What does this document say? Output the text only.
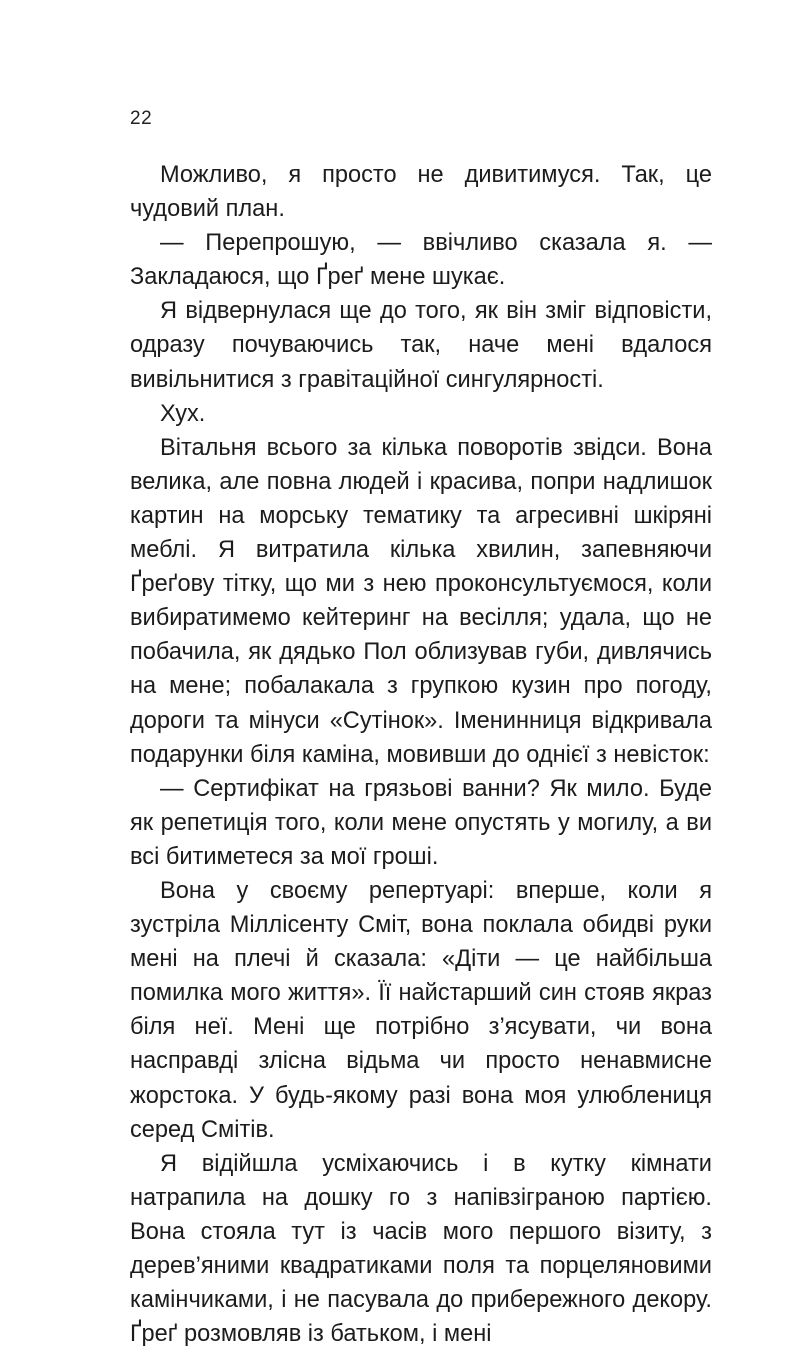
22

Можливо, я просто не дивитимуся. Так, це чудовий план.

— Перепрошую, — ввічливо сказала я. — Закладаюся, що Ґреґ мене шукає.

Я відвернулася ще до того, як він зміг відповісти, одразу почуваючись так, наче мені вдалося вивільнитися з гравітаційної сингулярності.

Хух.

Вітальня всього за кілька поворотів звідси. Вона велика, але повна людей і красива, попри надлишок картин на морську тематику та агресивні шкіряні меблі. Я витратила кілька хвилин, запевняючи Ґреґову тітку, що ми з нею проконсультуємося, коли вибиратимемо кейтеринг на весілля; удала, що не побачила, як дядько Пол облизував губи, дивлячись на мене; побалакала з групкою кузин про погоду, дороги та мінуси «Сутінок». Іменинниця відкривала подарунки біля каміна, мовивши до однієї з невісток:

— Сертифікат на грязьові ванни? Як мило. Буде як репетиція того, коли мене опустять у могилу, а ви всі битиметеся за мої гроші.

Вона у своєму репертуарі: вперше, коли я зустріла Міллісенту Сміт, вона поклала обидві руки мені на плечі й сказала: «Діти — це найбільша помилка мого життя». Її найстарший син стояв якраз біля неї. Мені ще потрібно з’ясувати, чи вона насправді злісна відьма чи просто ненавмисне жорстока. У будь-якому разі вона моя улюблениця серед Смітів.

Я відійшла усміхаючись і в кутку кімнати натрапила на дошку го з напівзіграною партією. Вона стояла тут із часів мого першого візиту, з дерев’яними квадратиками поля та порцеляновими камінчиками, і не пасувала до прибережного декору. Ґреґ розмовляв із батьком, і мені
